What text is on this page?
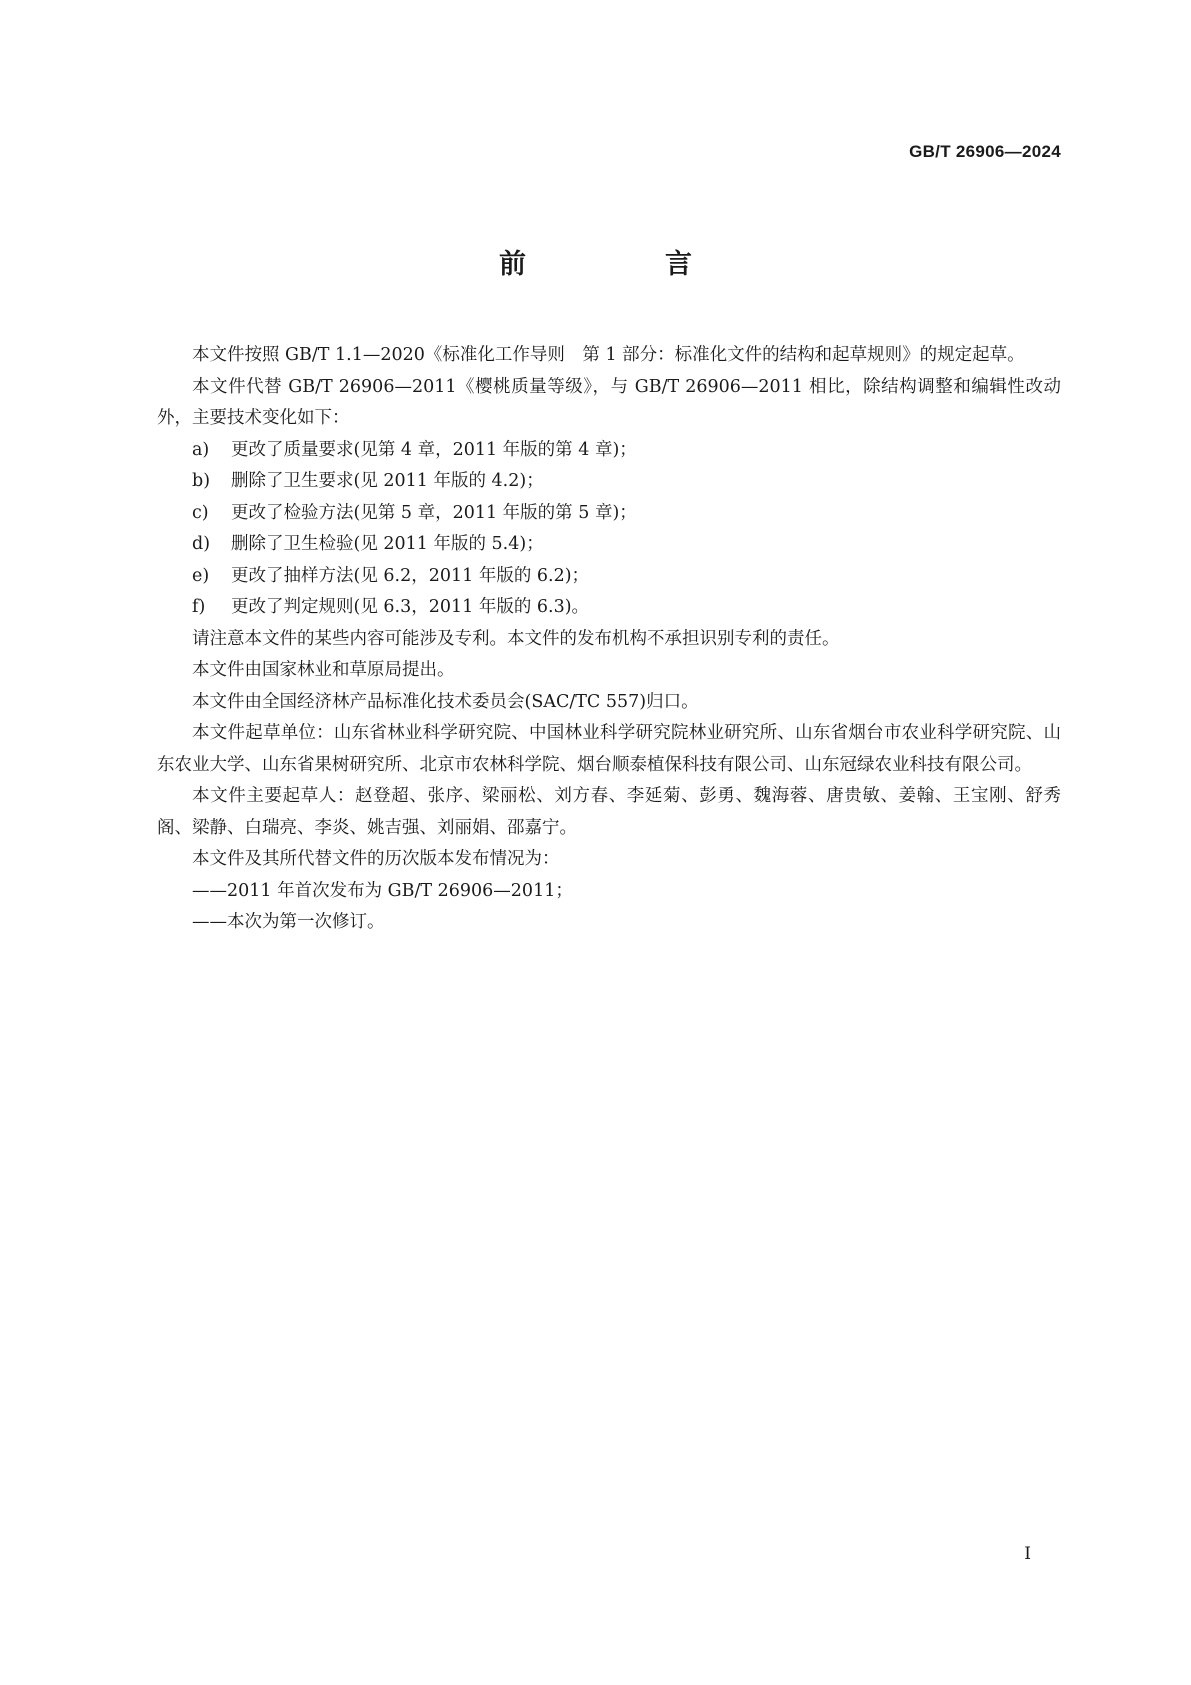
GB/T 26906—2024
前　言

本文件按照 GB/T 1.1—2020《标准化工作导则　第 1 部分：标准化文件的结构和起草规则》的规定起草。

本文件代替 GB/T 26906—2011《樱桃质量等级》，与 GB/T 26906—2011 相比，除结构调整和编辑性改动外，主要技术变化如下：

a)	更改了质量要求(见第 4 章，2011 年版的第 4 章)；
b)	删除了卫生要求(见 2011 年版的 4.2)；
c)	更改了检验方法(见第 5 章，2011 年版的第 5 章)；
d)	删除了卫生检验(见 2011 年版的 5.4)；
e)	更改了抽样方法(见 6.2，2011 年版的 6.2)；
f)	更改了判定规则(见 6.3，2011 年版的 6.3)。

请注意本文件的某些内容可能涉及专利。本文件的发布机构不承担识别专利的责任。

本文件由国家林业和草原局提出。

本文件由全国经济林产品标准化技术委员会(SAC/TC 557)归口。

本文件起草单位：山东省林业科学研究院、中国林业科学研究院林业研究所、山东省烟台市农业科学研究院、山东农业大学、山东省果树研究所、北京市农林科学院、烟台顺泰植保科技有限公司、山东冠绿农业科技有限公司。

本文件主要起草人：赵登超、张序、梁丽松、刘方春、李延菊、彭勇、魏海蓉、唐贵敏、姜翰、王宝刚、舒秀阁、梁静、白瑞亮、李炎、姚吉强、刘丽娟、邵嘉宁。

本文件及其所代替文件的历次版本发布情况为：

——2011 年首次发布为 GB/T 26906—2011；

——本次为第一次修订。

I
